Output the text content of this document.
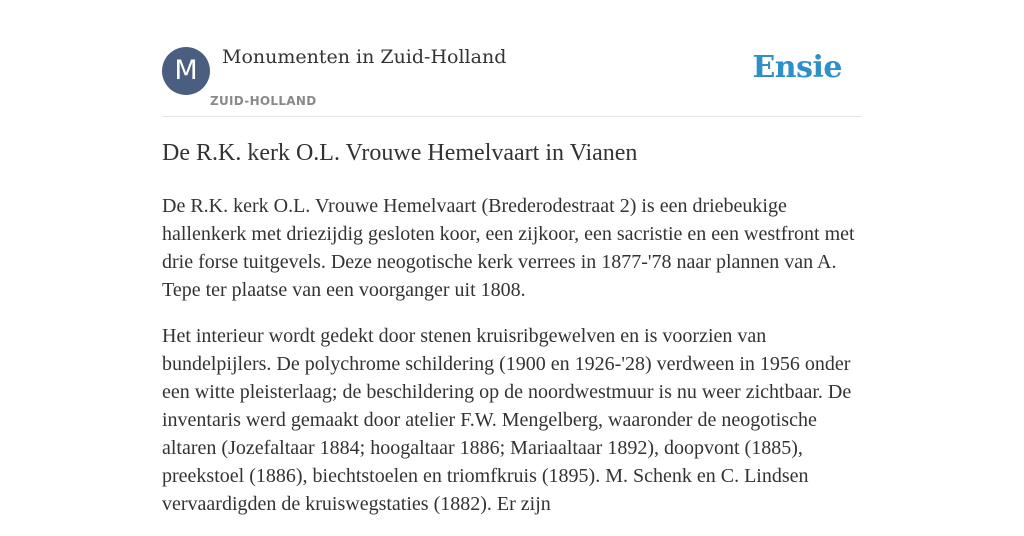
M	Monumenten in Zuid-Holland
ZUID-HOLLAND
Ensie
De R.K. kerk O.L. Vrouwe Hemelvaart in Vianen

De R.K. kerk O.L. Vrouwe Hemelvaart (Brederodestraat 2) is een driebeukige hallenkerk met driezijdig gesloten koor, een zijkoor, een sacristie en een westfront met drie forse tuitgevels. Deze neogotische kerk verrees in 1877-'78 naar plannen van A. Tepe ter plaatse van een voorganger uit 1808.

Het interieur wordt gedekt door stenen kruisribgewelven en is voorzien van bundelpijlers. De polychrome schildering (1900 en 1926-'28) verdween in 1956 onder een witte pleisterlaag; de beschildering op de noordwestmuur is nu weer zichtbaar. De inventaris werd gemaakt door atelier F.W. Mengelberg, waaronder de neogotische altaren (Jozefaltaar 1884; hoogaltaar 1886; Mariaaltaar 1892), doopvont (1885), preekstoel (1886), biechtstoelen en triomfkruis (1895). M. Schenk en C. Lindsen vervaardigden de kruiswegstaties (1882). Er zijn
